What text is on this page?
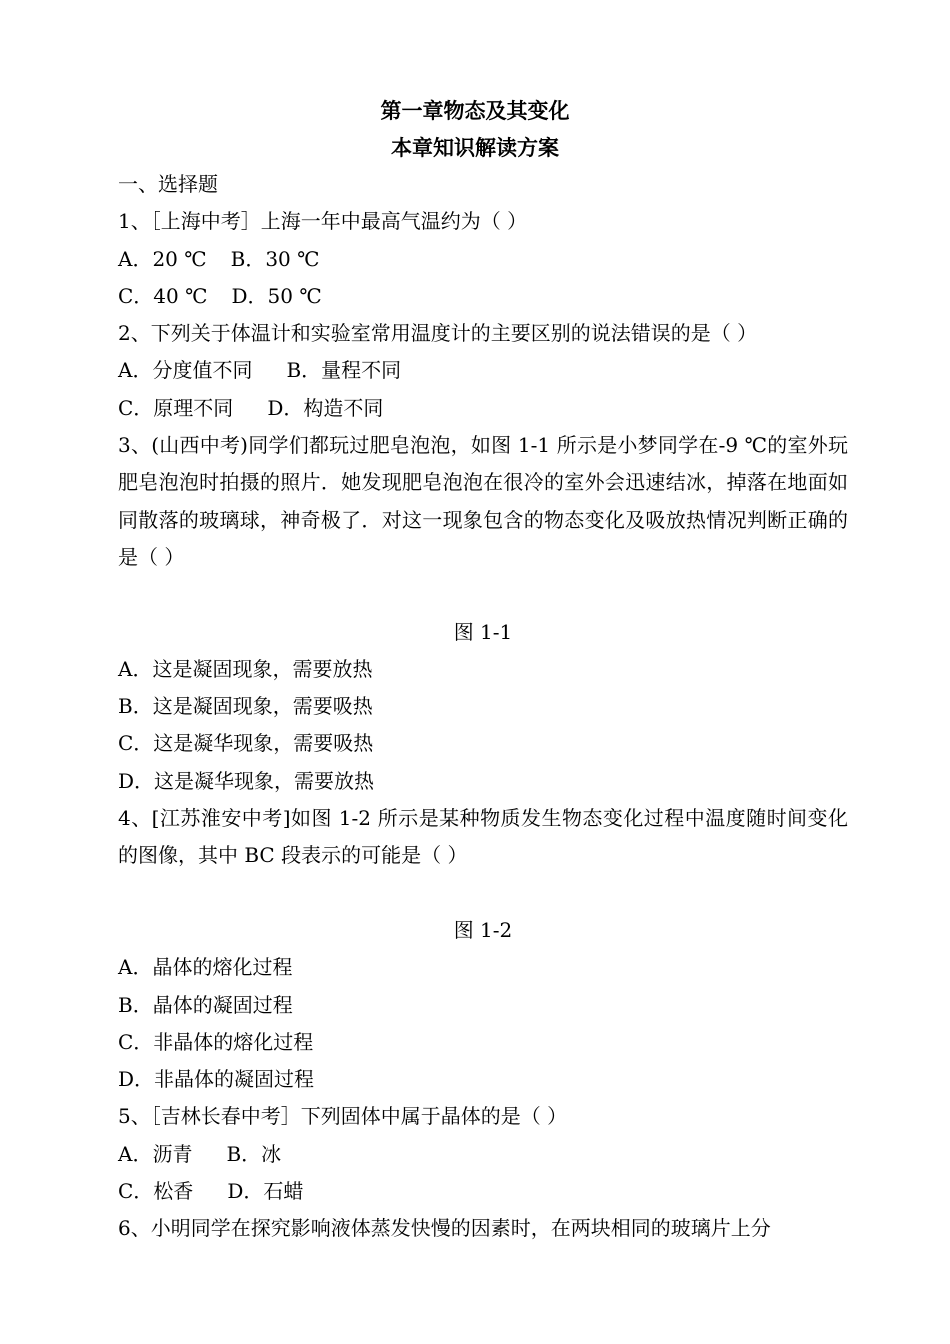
第一章物态及其变化
本章知识解读方案
一、选择题
1、［上海中考］上海一年中最高气温约为（ ）
A．20 ℃ B．30 ℃
C．40 ℃ D．50 ℃
2、下列关于体温计和实验室常用温度计的主要区别的说法错误的是（ ）
A．分度值不同 B．量程不同
C．原理不同 D．构造不同
3、(山西中考)同学们都玩过肥皂泡泡，如图 1-1 所示是小梦同学在-9 ℃的室外玩肥皂泡泡时拍摄的照片．她发现肥皂泡泡在很冷的室外会迅速结冰，掉落在地面如同散落的玻璃球，神奇极了．对这一现象包含的物态变化及吸放热情况判断正确的是（ ）
图 1-1
A．这是凝固现象，需要放热
B．这是凝固现象，需要吸热
C．这是凝华现象，需要吸热
D．这是凝华现象，需要放热
4、[江苏淮安中考]如图 1-2 所示是某种物质发生物态变化过程中温度随时间变化的图像，其中 BC 段表示的可能是（ ）
图 1-2
A．晶体的熔化过程
B．晶体的凝固过程
C．非晶体的熔化过程
D．非晶体的凝固过程
5、［吉林长春中考］下列固体中属于晶体的是（ ）
A．沥青 B．冰
C．松香 D．石蜡
6、小明同学在探究影响液体蒸发快慢的因素时，在两块相同的玻璃片上分
